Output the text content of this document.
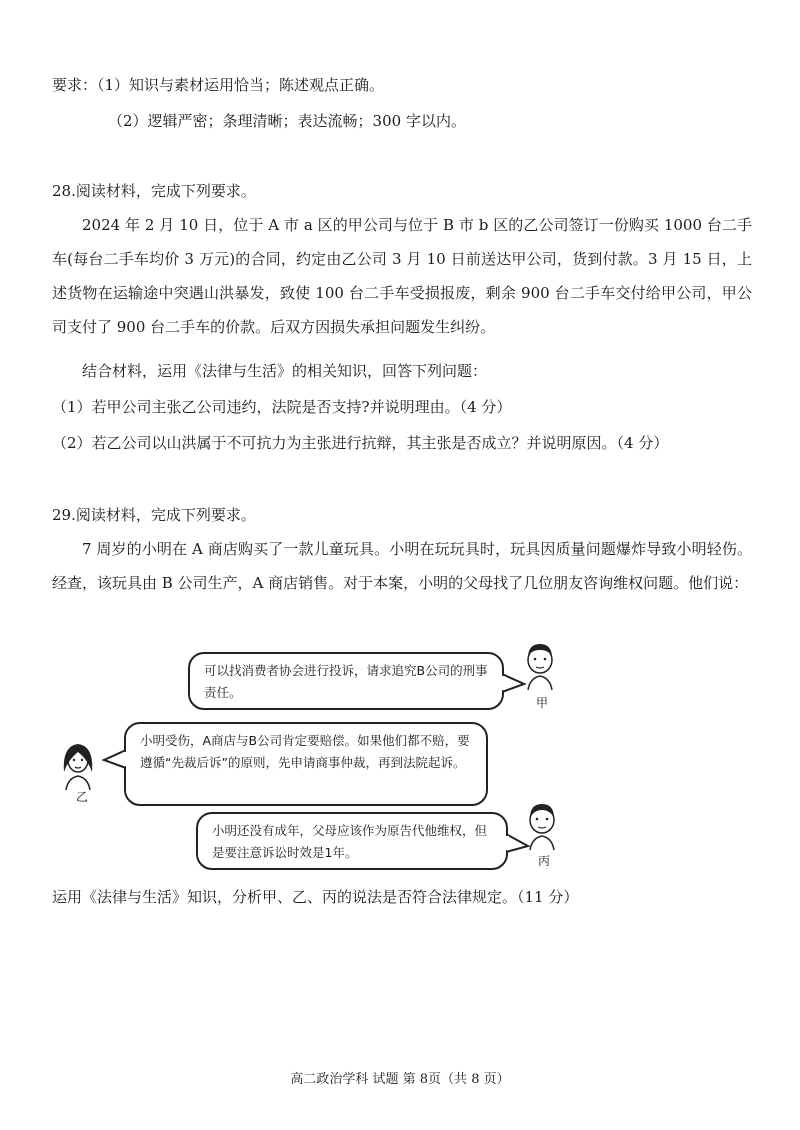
要求：（1）知识与素材运用恰当；陈述观点正确。
（2）逻辑严密；条理清晰；表达流畅；300 字以内。
28.阅读材料，完成下列要求。
2024 年 2 月 10 日，位于 A 市 a 区的甲公司与位于 B 市 b 区的乙公司签订一份购买 1000 台二手车(每台二手车均价 3 万元)的合同，约定由乙公司 3 月 10 日前送达甲公司，货到付款。3 月 15 日，上述货物在运输途中突遇山洪暴发，致使 100 台二手车受损报废，剩余 900 台二手车交付给甲公司，甲公司支付了 900 台二手车的价款。后双方因损失承担问题发生纠纷。
结合材料，运用《法律与生活》的相关知识，回答下列问题：
（1）若甲公司主张乙公司违约，法院是否支持?并说明理由。（4 分）
（2）若乙公司以山洪属于不可抗力为主张进行抗辩，其主张是否成立？并说明原因。（4 分）
29.阅读材料，完成下列要求。
7 周岁的小明在 A 商店购买了一款儿童玩具。小明在玩玩具时，玩具因质量问题爆炸导致小明轻伤。经查，该玩具由 B 公司生产，A 商店销售。对于本案，小明的父母找了几位朋友咨询维权问题。他们说：
可以找消费者协会进行投诉，请求追究B公司的刑事责任。
甲
小明受伤，A商店与B公司肯定要赔偿。如果他们都不赔，要遵循“先裁后诉”的原则，先申请商事仲裁，再到法院起诉。
乙
小明还没有成年，父母应该作为原告代他维权，但是要注意诉讼时效是1年。
丙
运用《法律与生活》知识，分析甲、乙、丙的说法是否符合法律规定。（11 分）
高二政治学科 试题 第 8页（共 8 页）
